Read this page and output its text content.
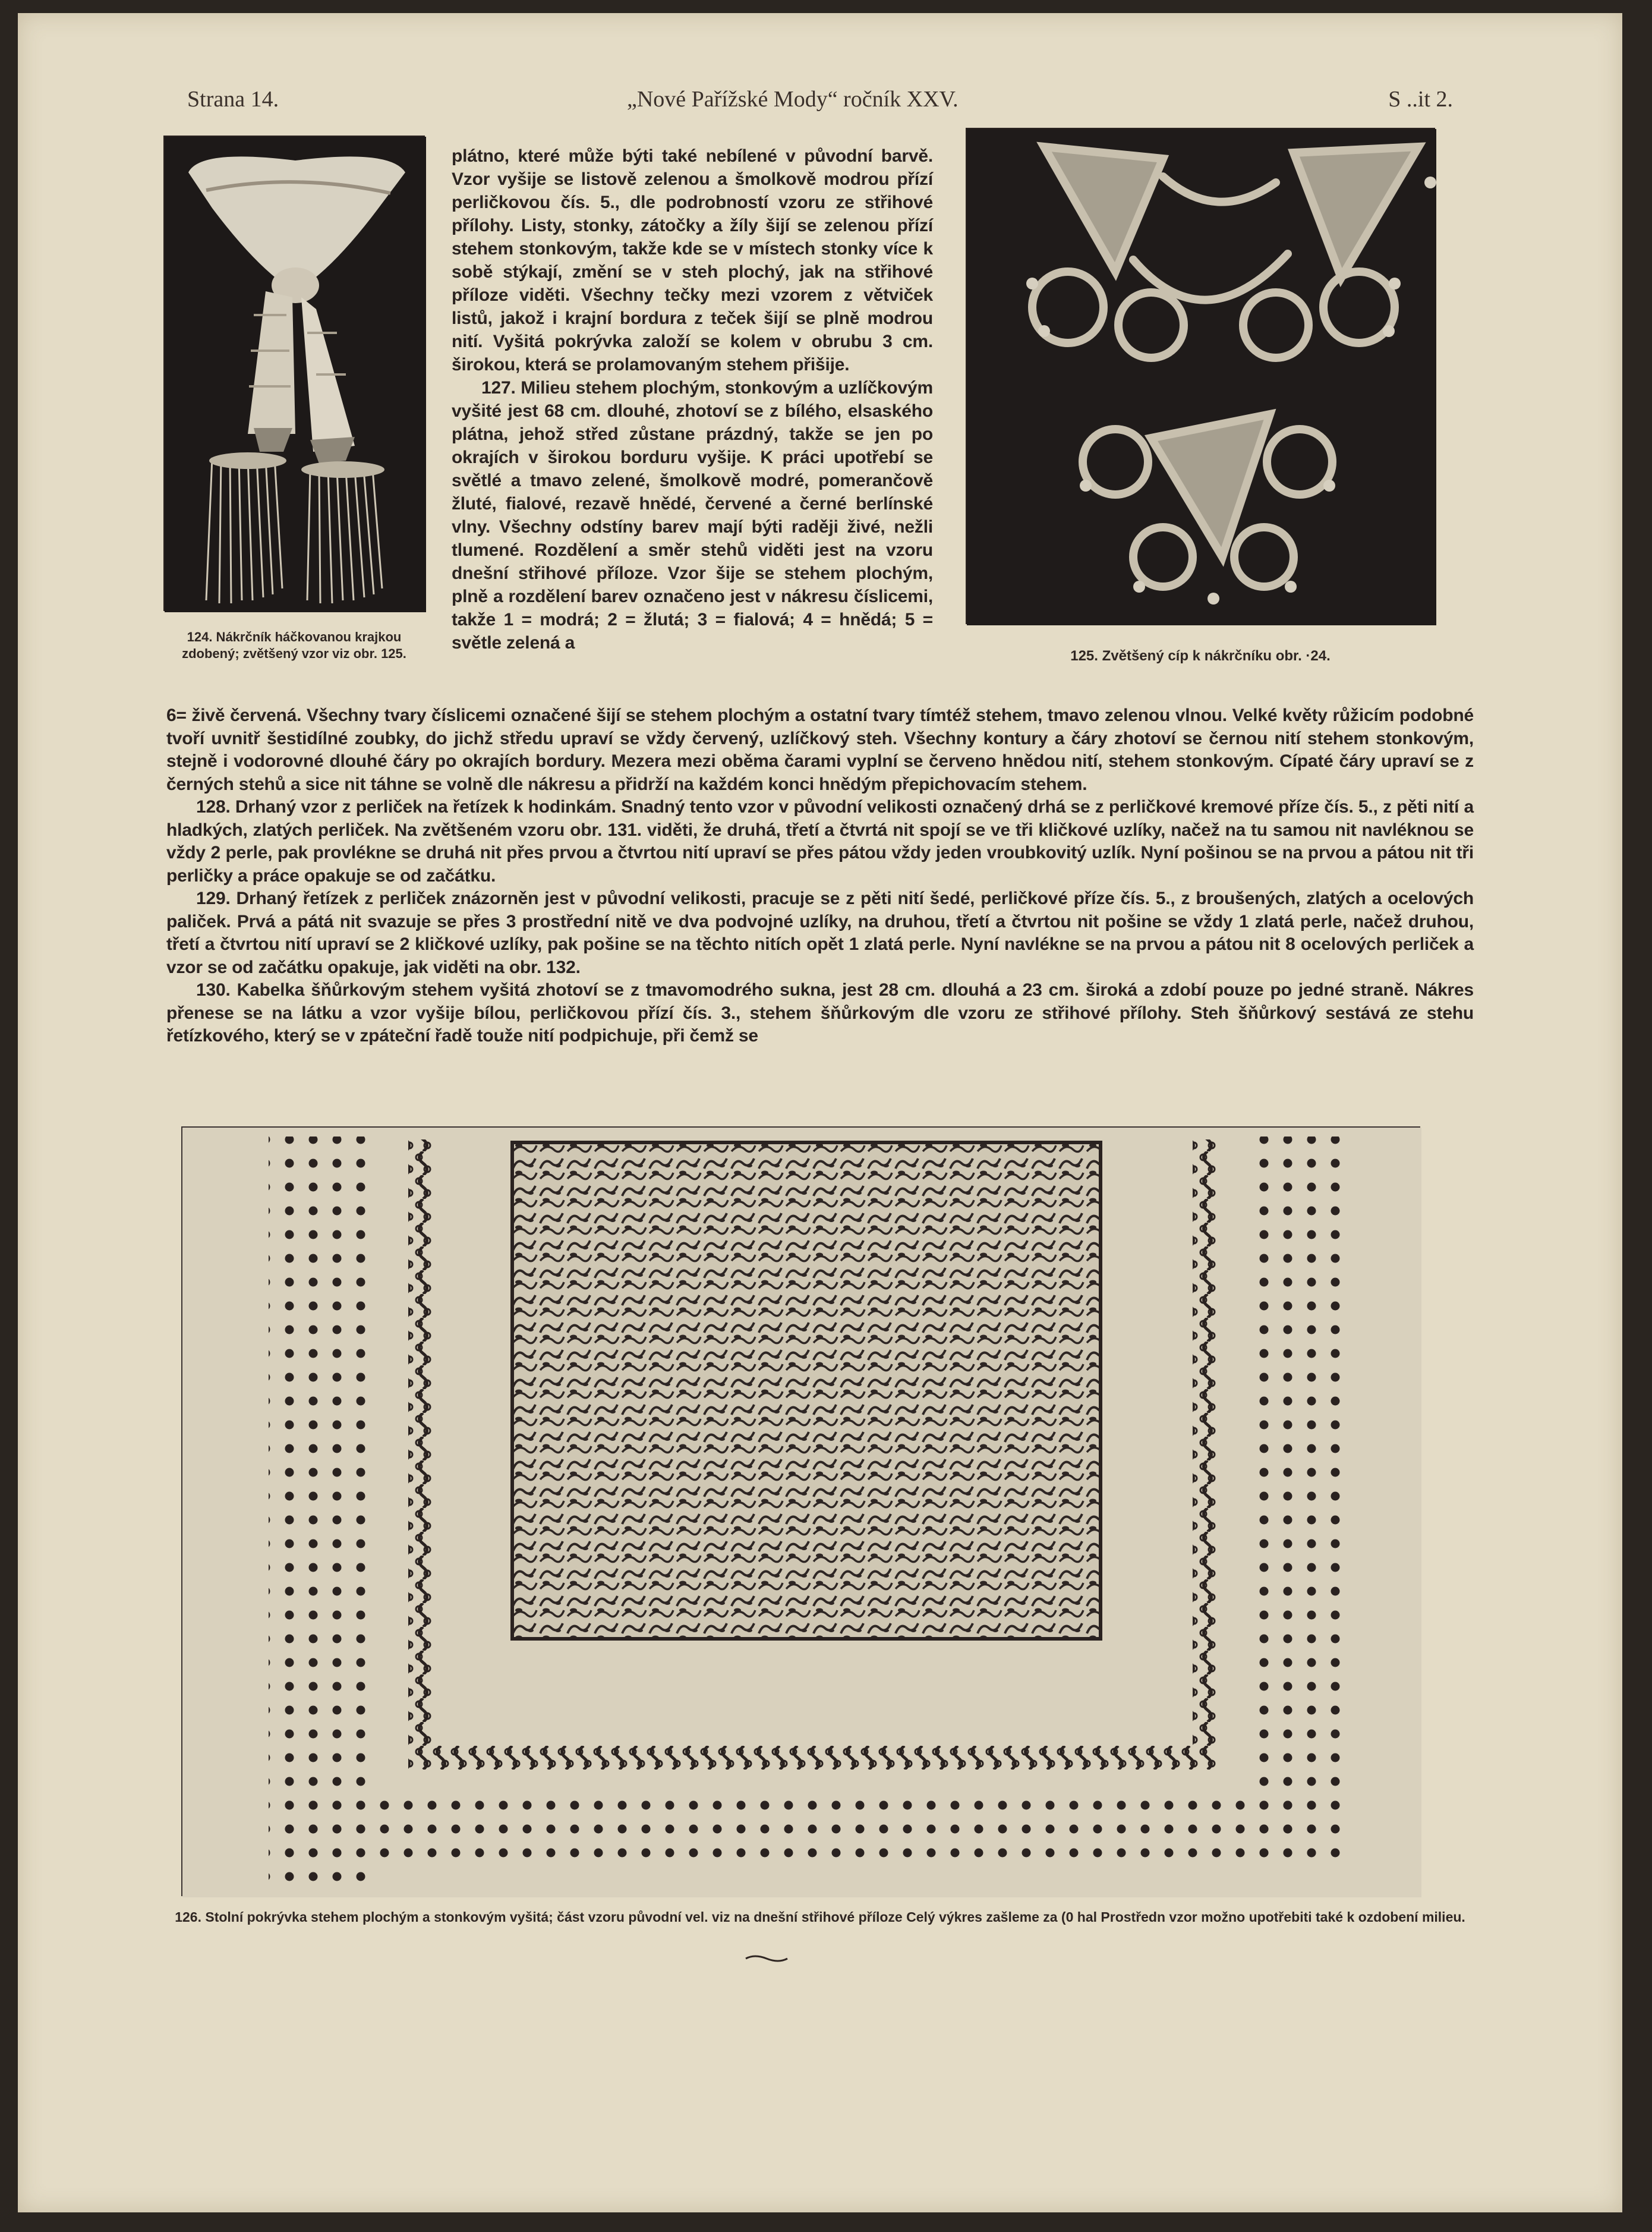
Strana 14.	„Nové Pařížské Mody“ ročník XXV.	S ..it 2.
124. Nákrčník háčkovanou krajkou zdobený; zvětšený vzor viz obr. 125.	125. Zvětšený cíp k nákrčníku obr. ·24.

plátno, které může býti také nebílené v původní barvě. Vzor vyšije se listově zelenou a šmolkově modrou přízí perličkovou čís. 5., dle podrobností vzoru ze střihové přílohy. Listy, stonky, zátočky a žíly šijí se zelenou přízí stehem stonkovým, takže kde se v místech stonky více k sobě stýkají, změní se v steh plochý, jak na střihové příloze viděti. Všechny tečky mezi vzorem z větviček listů, jakož i krajní bordura z teček šijí se plně modrou nití. Vyšitá pokrývka založí se kolem v obrubu 3 cm. širokou, která se prolamovaným stehem přišije.

127. Milieu stehem plochým, stonkovým a uzlíčkovým vyšité jest 68 cm. dlouhé, zhotoví se z bílého, elsaského plátna, jehož střed zůstane prázdný, takže se jen po okrajích v širokou borduru vyšije. K práci upotřebí se světlé a tmavo zelené, šmolkově modré, pomerančově žluté, fialové, rezavě hnědé, červené a černé berlínské vlny. Všechny odstíny barev mají býti raději živé, nežli tlumené. Rozdělení a směr stehů viděti jest na vzoru dnešní střihové příloze. Vzor šije se stehem plochým, plně a rozdělení barev označeno jest v nákresu číslicemi, takže 1 = modrá; 2 = žlutá; 3 = fialová; 4 = hnědá; 5 = světle zelená a

6= živě červená. Všechny tvary číslicemi označené šijí se stehem plochým a ostatní tvary tímtéž stehem, tmavo zelenou vlnou. Velké květy růžicím podobné tvoří uvnitř šestidílné zoubky, do jichž středu upraví se vždy červený, uzlíčkový steh. Všechny kontury a čáry zhotoví se černou nití stehem stonkovým, stejně i vodorovné dlouhé čáry po okrajích bordury. Mezera mezi oběma čarami vyplní se červeno hnědou nití, stehem stonkovým. Cípaté čáry upraví se z černých stehů a sice nit táhne se volně dle nákresu a přidrží na každém konci hnědým přepichovacím stehem.

128. Drhaný vzor z perliček na řetízek k hodinkám. Snadný tento vzor v původní velikosti označený drhá se z perličkové kremové příze čís. 5., z pěti nití a hladkých, zlatých perliček. Na zvětšeném vzoru obr. 131. viděti, že druhá, třetí a čtvrtá nit spojí se ve tři kličkové uzlíky, načež na tu samou nit navléknou se vždy 2 perle, pak provlékne se druhá nit přes prvou a čtvrtou nití upraví se přes pátou vždy jeden vroubkovitý uzlík. Nyní pošinou se na prvou a pátou nit tři perličky a práce opakuje se od začátku.

129. Drhaný řetízek z perliček znázorněn jest v původní velikosti, pracuje se z pěti nití šedé, perličkové příze čís. 5., z broušených, zlatých a ocelových paliček. Prvá a pátá nit svazuje se přes 3 prostřední nitě ve dva podvojné uzlíky, na druhou, třetí a čtvrtou nit pošine se vždy 1 zlatá perle, načež druhou, třetí a čtvrtou nití upraví se 2 kličkové uzlíky, pak pošine se na těchto nitích opět 1 zlatá perle. Nyní navlékne se na prvou a pátou nit 8 ocelových perliček a vzor se od začátku opakuje, jak viděti na obr. 132.

130. Kabelka šňůrkovým stehem vyšitá zhotoví se z tmavomodrého sukna, jest 28 cm. dlouhá a 23 cm. široká a zdobí pouze po jedné straně. Nákres přenese se na látku a vzor vyšije bílou, perličkovou přízí čís. 3., stehem šňůrkovým dle vzoru ze střihové přílohy. Steh šňůrkový sestává ze stehu řetízkového, který se v zpáteční řadě touže nití podpichuje, při čemž se

126. Stolní pokrývka stehem plochým a stonkovým vyšitá; část vzoru původní vel. viz na dnešní střihové příloze Celý výkres zašleme za (0 hal Prostředn vzor možno upotřebiti také k ozdobení milieu.
